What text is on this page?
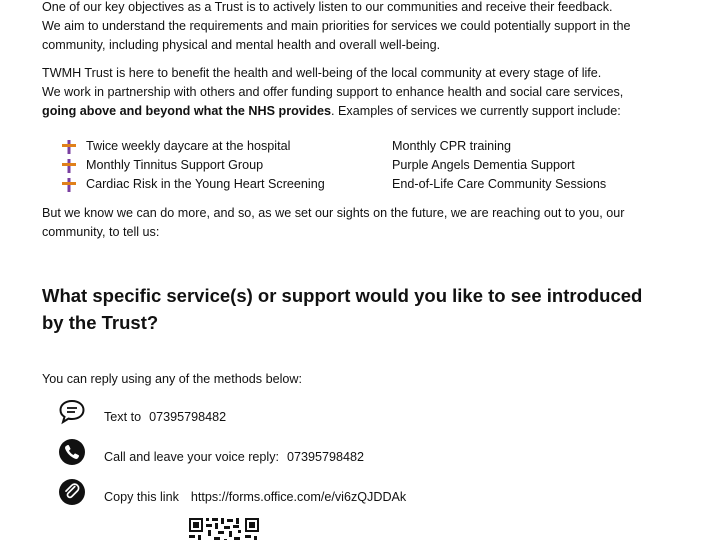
One of our key objectives as a Trust is to actively listen to our communities and receive their feedback.
We aim to understand the requirements and main priorities for services we could potentially support in the
community, including physical and mental health and overall well-being.
TWMH Trust is here to benefit the health and well-being of the local community at every stage of life.
We work in partnership with others and offer funding support to enhance health and social care services,
going above and beyond what the NHS provides. Examples of services we currently support include:
Twice weekly daycare at the hospital	Monthly CPR training
Monthly Tinnitus Support Group	Purple Angels Dementia Support
Cardiac Risk in the Young Heart Screening	End-of-Life Care Community Sessions
But we know we can do more, and so, as we set our sights on the future, we are reaching out to you, our
community, to tell us:
What specific service(s) or support would you like to see introduced
by the Trust?
You can reply using any of the methods below:
Text to 07395798482
Call and leave your voice reply: 07395798482
Copy this link https://forms.office.com/e/vi6zQJDDAk
